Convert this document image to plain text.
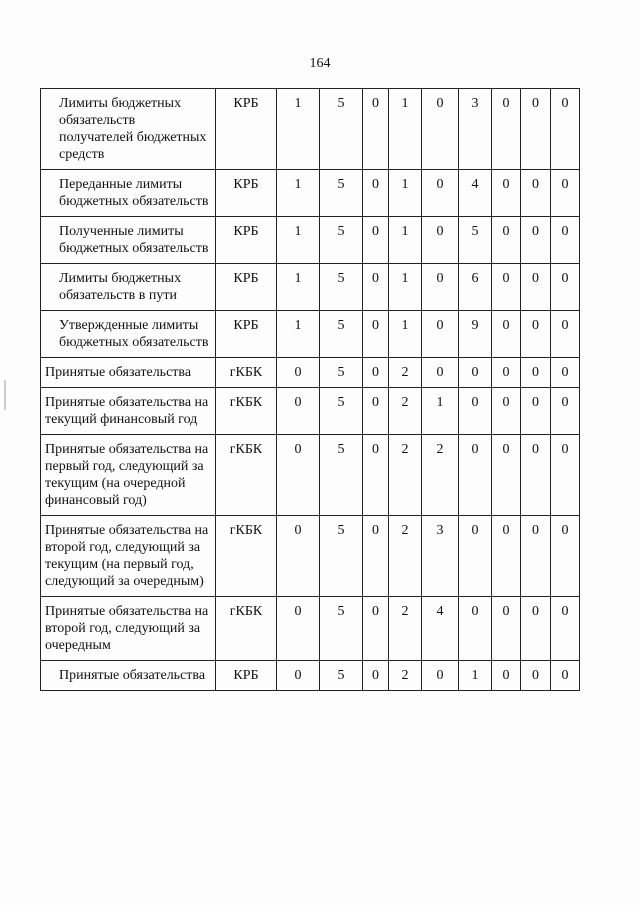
164
Лимиты бюджетных обязательств получателей бюджетных средств	КРБ	1	5	0	1	0	3	0	0	0
Переданные лимиты бюджетных обязательств	КРБ	1	5	0	1	0	4	0	0	0
Полученные лимиты бюджетных обязательств	КРБ	1	5	0	1	0	5	0	0	0
Лимиты бюджетных обязательств в пути	КРБ	1	5	0	1	0	6	0	0	0
Утвержденные лимиты бюджетных обязательств	КРБ	1	5	0	1	0	9	0	0	0
Принятые обязательства	гКБК	0	5	0	2	0	0	0	0	0
Принятые обязательства на текущий финансовый год	гКБК	0	5	0	2	1	0	0	0	0
Принятые обязательства на первый год, следующий за текущим (на очередной финансовый год)	гКБК	0	5	0	2	2	0	0	0	0
Принятые обязательства на второй год, следующий за текущим (на первый год, следующий за очередным)	гКБК	0	5	0	2	3	0	0	0	0
Принятые обязательства на второй год, следующий за очередным	гКБК	0	5	0	2	4	0	0	0	0
Принятые обязательства	КРБ	0	5	0	2	0	1	0	0	0
